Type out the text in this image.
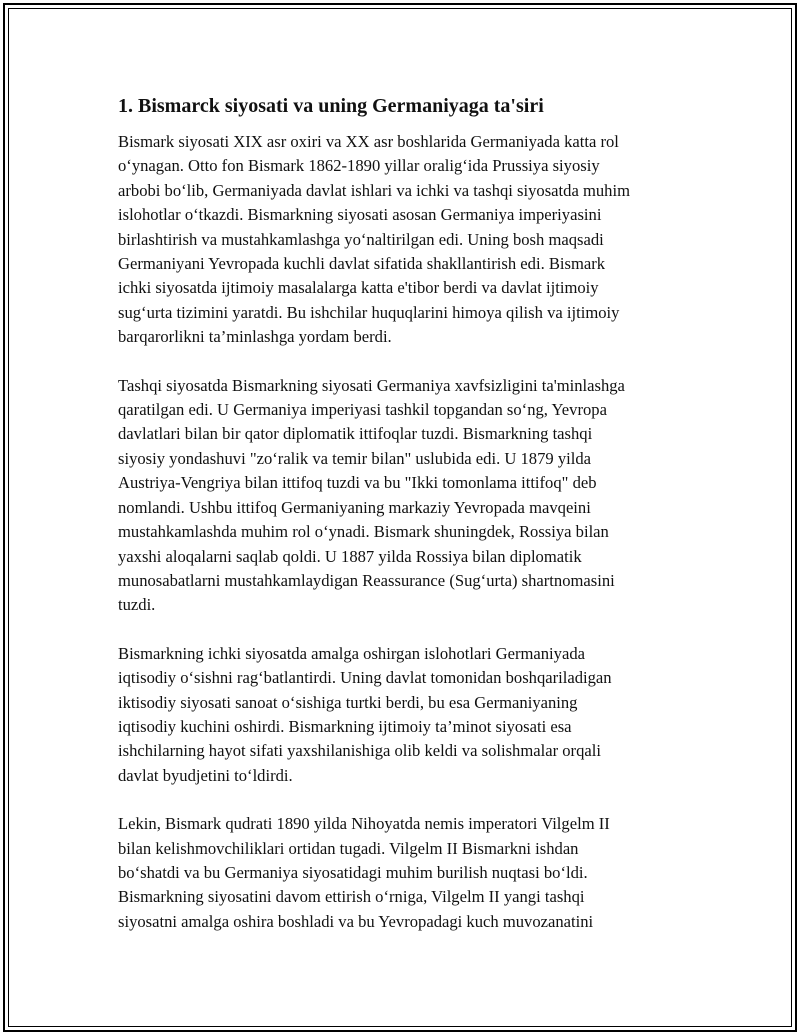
1. Bismarck siyosati va uning Germaniyaga ta'siri

Bismark siyosati XIX asr oxiri va XX asr boshlarida Germaniyada katta rol
o‘ynagan. Otto fon Bismark 1862-1890 yillar oralig‘ida Prussiya siyosiy
arbobi bo‘lib, Germaniyada davlat ishlari va ichki va tashqi siyosatda muhim
islohotlar o‘tkazdi. Bismarkning siyosati asosan Germaniya imperiyasini
birlashtirish va mustahkamlashga yo‘naltirilgan edi. Uning bosh maqsadi
Germaniyani Yevropada kuchli davlat sifatida shakllantirish edi. Bismark
ichki siyosatda ijtimoiy masalalarga katta e'tibor berdi va davlat ijtimoiy
sug‘urta tizimini yaratdi. Bu ishchilar huquqlarini himoya qilish va ijtimoiy
barqarorlikni ta’minlashga yordam berdi.

Tashqi siyosatda Bismarkning siyosati Germaniya xavfsizligini ta'minlashga
qaratilgan edi. U Germaniya imperiyasi tashkil topgandan so‘ng, Yevropa
davlatlari bilan bir qator diplomatik ittifoqlar tuzdi. Bismarkning tashqi
siyosiy yondashuvi "zo‘ralik va temir bilan" uslubida edi. U 1879 yilda
Austriya-Vengriya bilan ittifoq tuzdi va bu "Ikki tomonlama ittifoq" deb
nomlandi. Ushbu ittifoq Germaniyaning markaziy Yevropada mavqeini
mustahkamlashda muhim rol o‘ynadi. Bismark shuningdek, Rossiya bilan
yaxshi aloqalarni saqlab qoldi. U 1887 yilda Rossiya bilan diplomatik
munosabatlarni mustahkamlaydigan Reassurance (Sug‘urta) shartnomasini
tuzdi.

Bismarkning ichki siyosatda amalga oshirgan islohotlari Germaniyada
iqtisodiy o‘sishni rag‘batlantirdi. Uning davlat tomonidan boshqariladigan
iktisodiy siyosati sanoat o‘sishiga turtki berdi, bu esa Germaniyaning
iqtisodiy kuchini oshirdi. Bismarkning ijtimoiy ta’minot siyosati esa
ishchilarning hayot sifati yaxshilanishiga olib keldi va solishmalar orqali
davlat byudjetini to‘ldirdi.

Lekin, Bismark qudrati 1890 yilda Nihoyatda nemis imperatori Vilgelm II
bilan kelishmovchiliklari ortidan tugadi. Vilgelm II Bismarkni ishdan
bo‘shatdi va bu Germaniya siyosatidagi muhim burilish nuqtasi bo‘ldi.
Bismarkning siyosatini davom ettirish o‘rniga, Vilgelm II yangi tashqi
siyosatni amalga oshira boshladi va bu Yevropadagi kuch muvozanatini
